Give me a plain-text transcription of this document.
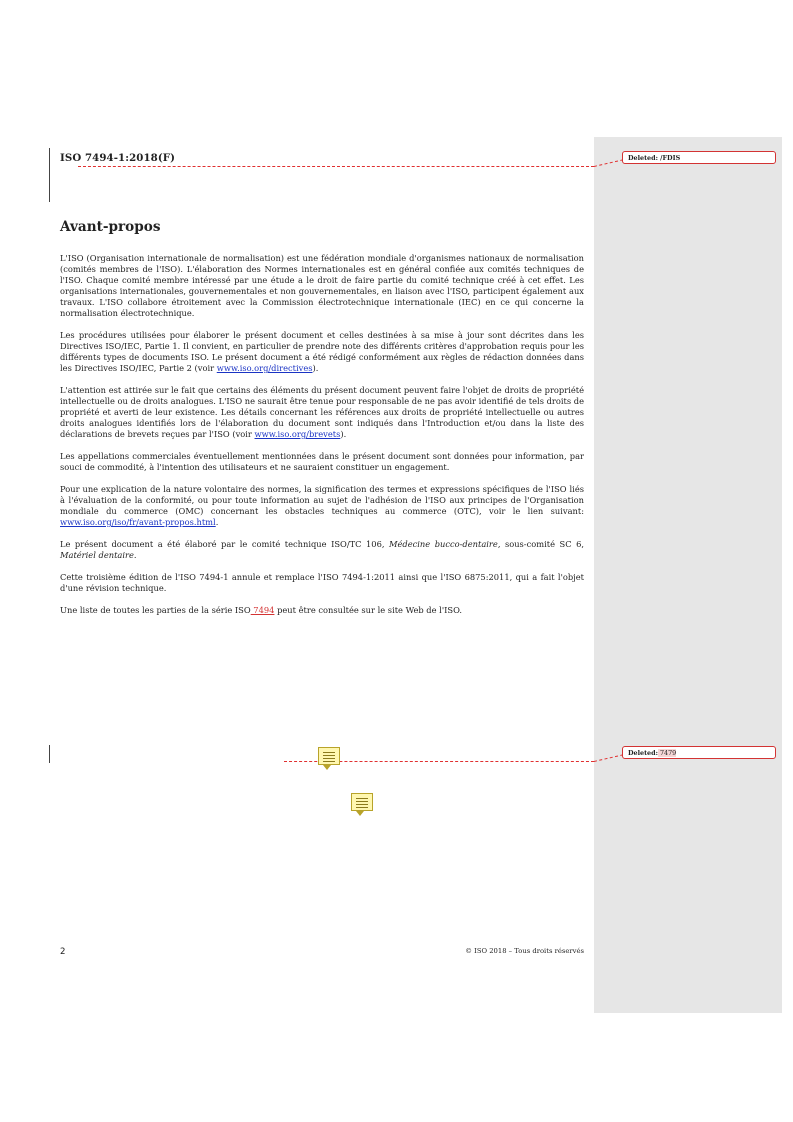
ISO 7494-1:2018(F)	Deleted: /FDIS
Deleted: 7479
Avant-propos

L'ISO (Organisation internationale de normalisation) est une fédération mondiale d'organismes nationaux de normalisation (comités membres de l'ISO). L'élaboration des Normes internationales est en général confiée aux comités techniques de l'ISO. Chaque comité membre intéressé par une étude a le droit de faire partie du comité technique créé à cet effet. Les organisations internationales, gouvernementales et non gouvernementales, en liaison avec l'ISO, participent également aux travaux. L'ISO collabore étroitement avec la Commission électrotechnique internationale (IEC) en ce qui concerne la normalisation électrotechnique.

Les procédures utilisées pour élaborer le présent document et celles destinées à sa mise à jour sont décrites dans les Directives ISO/IEC, Partie 1. Il convient, en particulier de prendre note des différents critères d'approbation requis pour les différents types de documents ISO. Le présent document a été rédigé conformément aux règles de rédaction données dans les Directives ISO/IEC, Partie 2 (voir www.iso.org/directives).

L'attention est attirée sur le fait que certains des éléments du présent document peuvent faire l'objet de droits de propriété intellectuelle ou de droits analogues. L'ISO ne saurait être tenue pour responsable de ne pas avoir identifié de tels droits de propriété et averti de leur existence. Les détails concernant les références aux droits de propriété intellectuelle ou autres droits analogues identifiés lors de l'élaboration du document sont indiqués dans l'Introduction et/ou dans la liste des déclarations de brevets reçues par l'ISO (voir www.iso.org/brevets).

Les appellations commerciales éventuellement mentionnées dans le présent document sont données pour information, par souci de commodité, à l'intention des utilisateurs et ne sauraient constituer un engagement.

Pour une explication de la nature volontaire des normes, la signification des termes et expressions spécifiques de l'ISO liés à l'évaluation de la conformité, ou pour toute information au sujet de l'adhésion de l'ISO aux principes de l'Organisation mondiale du commerce (OMC) concernant les obstacles techniques au commerce (OTC), voir le lien suivant: www.iso.org/iso/fr/avant-propos.html.

Le présent document a été élaboré par le comité technique ISO/TC 106, Médecine bucco-dentaire, sous-comité SC 6, Matériel dentaire.

Cette troisième édition de l'ISO 7494-1 annule et remplace l'ISO 7494-1:2011 ainsi que l'ISO 6875:2011, qui a fait l'objet d'une révision technique.

Une liste de toutes les parties de la série ISO 7494 peut être consultée sur le site Web de l'ISO.

2	© ISO 2018 – Tous droits réservés
